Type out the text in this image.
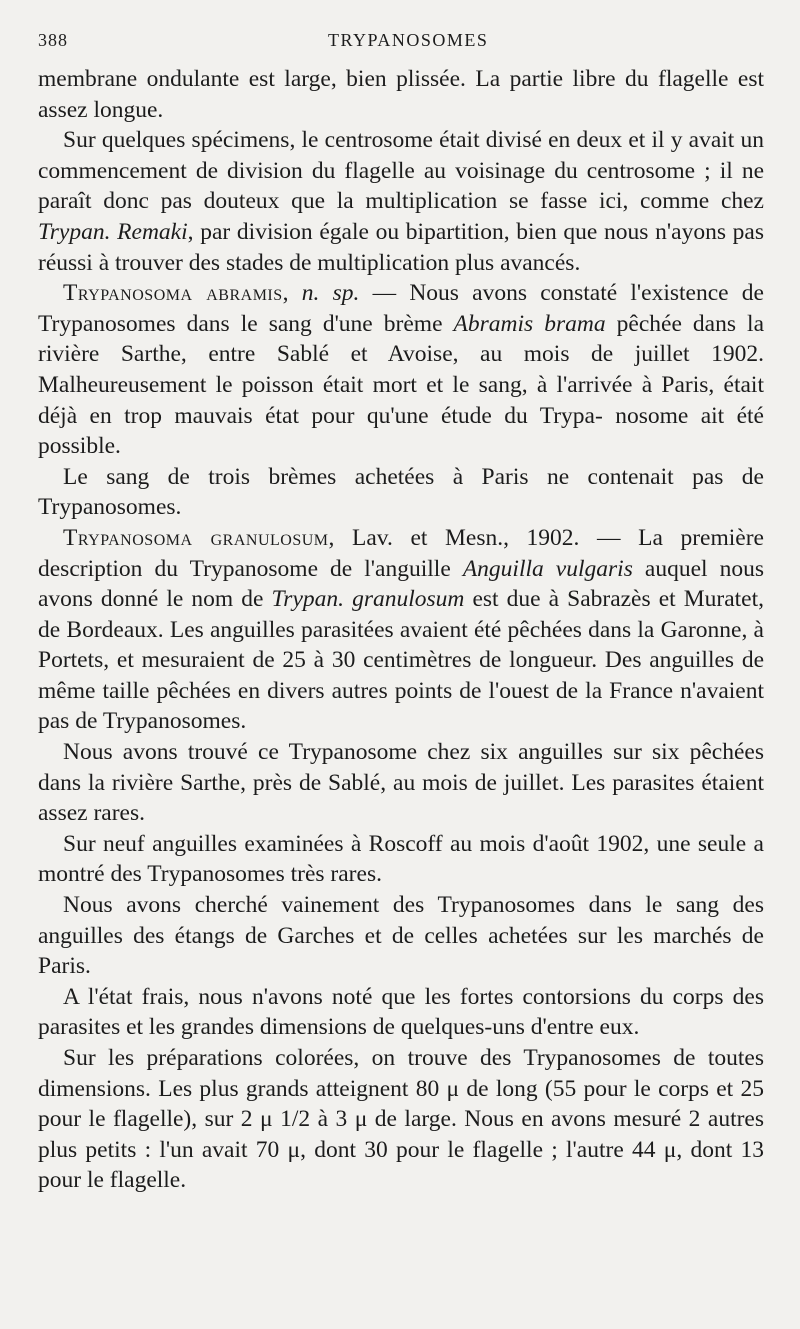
388	TRYPANOSOMES

membrane ondulante est large, bien plissée. La partie libre du flagelle est assez longue.

Sur quelques spécimens, le centrosome était divisé en deux et il y avait un commencement de division du flagelle au voisinage du centrosome ; il ne paraît donc pas douteux que la multiplication se fasse ici, comme chez Trypan. Remaki, par division égale ou bipartition, bien que nous n'ayons pas réussi à trouver des stades de multiplication plus avancés.

Trypanosoma abramis, n. sp. — Nous avons constaté l'existence de Trypanosomes dans le sang d'une brème Abramis brama pêchée dans la rivière Sarthe, entre Sablé et Avoise, au mois de juillet 1902. Malheureusement le poisson était mort et le sang, à l'arrivée à Paris, était déjà en trop mauvais état pour qu'une étude du Trypa- nosome ait été possible.

Le sang de trois brèmes achetées à Paris ne contenait pas de Trypanosomes.

Trypanosoma granulosum, Lav. et Mesn., 1902. — La première description du Trypanosome de l'anguille Anguilla vulgaris auquel nous avons donné le nom de Trypan. granulosum est due à Sabrazès et Muratet, de Bordeaux. Les anguilles parasitées avaient été pêchées dans la Garonne, à Portets, et mesuraient de 25 à 30 centimètres de longueur. Des anguilles de même taille pêchées en divers autres points de l'ouest de la France n'avaient pas de Trypanosomes.

Nous avons trouvé ce Trypanosome chez six anguilles sur six pêchées dans la rivière Sarthe, près de Sablé, au mois de juillet. Les parasites étaient assez rares.

Sur neuf anguilles examinées à Roscoff au mois d'août 1902, une seule a montré des Trypanosomes très rares.

Nous avons cherché vainement des Trypanosomes dans le sang des anguilles des étangs de Garches et de celles achetées sur les marchés de Paris.

A l'état frais, nous n'avons noté que les fortes contorsions du corps des parasites et les grandes dimensions de quelques-uns d'entre eux.

Sur les préparations colorées, on trouve des Trypanosomes de toutes dimensions. Les plus grands atteignent 80 μ de long (55 pour le corps et 25 pour le flagelle), sur 2 μ 1/2 à 3 μ de large. Nous en avons mesuré 2 autres plus petits : l'un avait 70 μ, dont 30 pour le flagelle ; l'autre 44 μ, dont 13 pour le flagelle.
